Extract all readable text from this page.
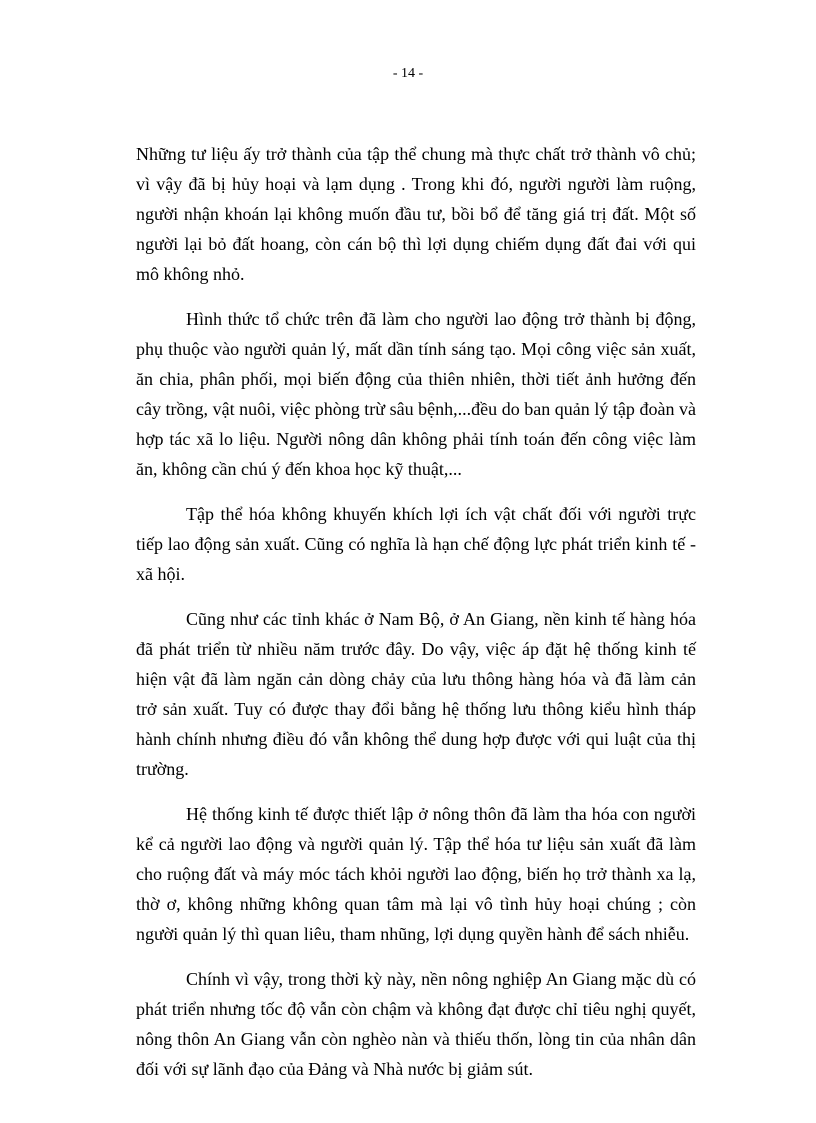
- 14 -

Những tư liệu ấy trở thành của tập thể chung mà thực chất trở thành vô chủ; vì vậy đã bị hủy hoại và lạm dụng . Trong khi đó, người người làm ruộng, người nhận khoán lại không muốn đầu tư, bồi bổ để tăng giá trị đất. Một số người lại bỏ đất hoang, còn cán bộ thì lợi dụng chiếm dụng đất đai với qui mô không nhỏ.

Hình thức tổ chức trên đã làm cho người lao động trở thành bị động, phụ thuộc vào người quản lý, mất dần tính sáng tạo. Mọi công việc sản xuất, ăn chia, phân phối, mọi biến động của thiên nhiên, thời tiết ảnh hưởng đến cây trồng, vật nuôi, việc phòng trừ sâu bệnh,...đều do ban quản lý tập đoàn và hợp tác xã lo liệu. Người nông dân không phải tính toán đến công việc làm ăn, không cần chú ý đến khoa học kỹ thuật,...

Tập thể hóa không khuyến khích lợi ích vật chất đối với người trực tiếp lao động sản xuất. Cũng có nghĩa là hạn chế động lực phát triển kinh tế - xã hội.

Cũng như các tỉnh khác ở Nam Bộ, ở An Giang, nền kinh tế hàng hóa đã phát triển từ nhiều năm trước đây. Do vậy, việc áp đặt hệ thống kinh tế hiện vật đã làm ngăn cản dòng chảy của lưu thông hàng hóa và đã làm cản trở sản xuất. Tuy có được thay đổi bằng hệ thống lưu thông kiểu hình tháp hành chính nhưng điều đó vẫn không thể dung hợp được với qui luật của thị trường.

Hệ thống kinh tế được thiết lập ở nông thôn đã làm tha hóa con người kể cả người lao động và người quản lý. Tập thể hóa tư liệu sản xuất đã làm cho ruộng đất và máy móc tách khỏi người lao động, biến họ trở thành xa lạ, thờ ơ, không những không quan tâm mà lại vô tình hủy hoại chúng ; còn người quản lý thì quan liêu, tham nhũng, lợi dụng quyền hành để sách nhiễu.

Chính vì vậy, trong thời kỳ này, nền nông nghiệp An Giang mặc dù có phát triển nhưng tốc độ vẫn còn chậm và không đạt được chỉ tiêu nghị quyết, nông thôn An Giang vẫn còn nghèo nàn và thiếu thốn, lòng tin của nhân dân đối với sự lãnh đạo của Đảng và Nhà nước bị giảm sút.
